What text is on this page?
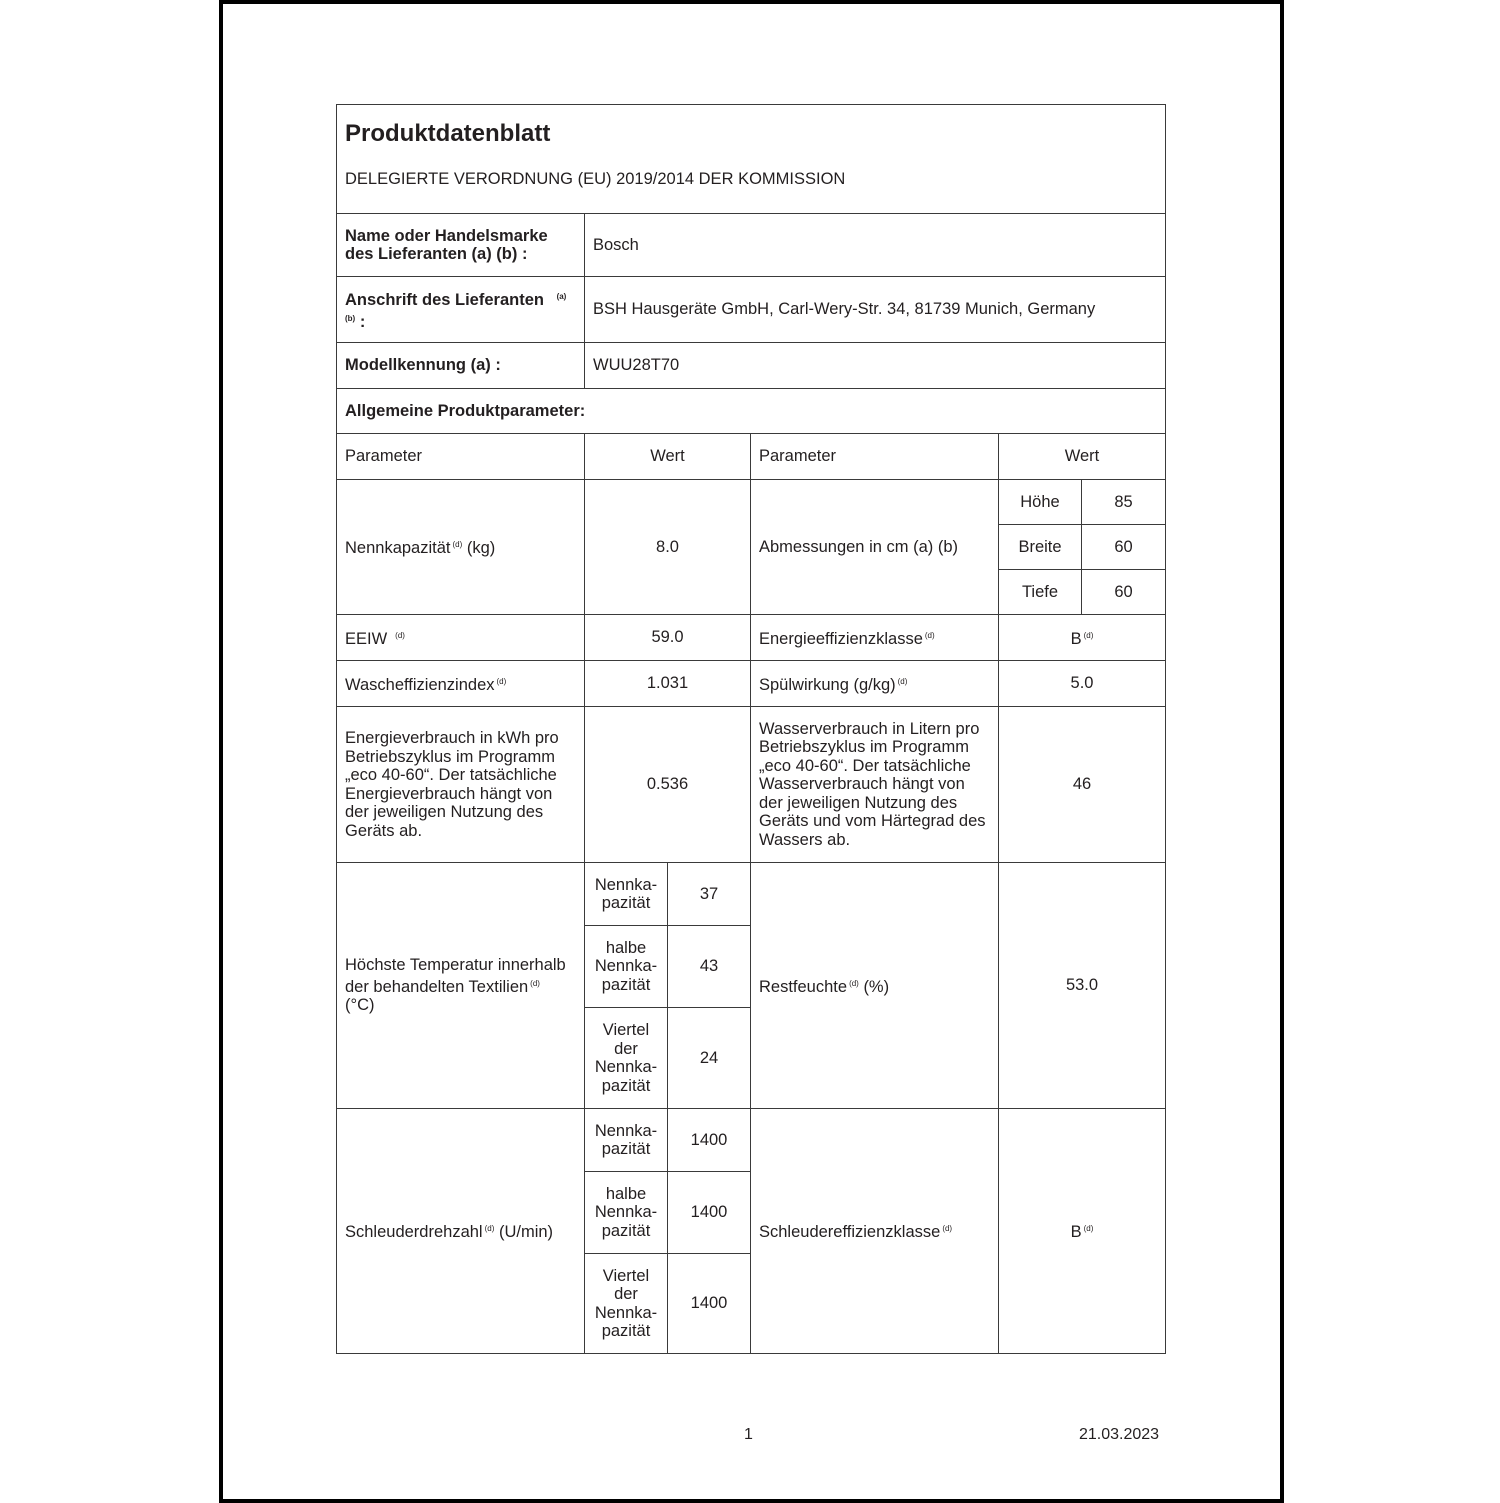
Produktdatenblatt
DELEGIERTE VERORDNUNG (EU) 2019/2014 DER KOMMISSION					

Name oder Handelsmarke des Lieferanten (a) (b) :	Bosch				
Anschrift des Lieferanten $^{(a)}$
$^{(b)}$ :	BSH Hausgeräte GmbH, Carl-Wery-Str. 34, 81739 Munich, Germany				
Modellkennung (a) :	WUU28T70				
Allgemeine Produktparameter:					
Parameter	Wert		Parameter	Wert	
Nennkapazität $^{(d)}$ (kg)	8.0		Abmessungen in cm (a) (b)	Höhe	85
				Breite	60
				Tiefe	60
EEIW $^{(d)}$	59.0		Energieeffizienzklasse $^{(d)}$	B $^{(d)}$
Wascheffizienzindex $^{(d)}$	1.031		Spülwirkung (g/kg) $^{(d)}$	5.0	
Energieverbrauch in kWh pro Betriebszyklus im Programm „eco 40-60“. Der tatsächliche Energieverbrauch hängt von der jeweiligen Nutzung des Geräts ab.	0.536		Wasserverbrauch in Litern pro Betriebszyklus im Programm „eco 40-60“. Der tatsächliche Wasserverbrauch hängt von der jeweiligen Nutzung des Geräts und vom Härtegrad des Wassers ab.	46	
Höchste Temperatur innerhalb der behandelten Textilien $^{(d)}$
(°C)	Nennka-pazität	37	Restfeuchte $^{(d)}$ (%)	53.0	
	halbe Nennka-pazität	43			
	Viertel der Nennka-pazität	24			
Schleuderdrehzahl $^{(d)}$ (U/min)	Nennka-pazität	1400	Schleudereffizienzklasse $^{(d)}$	B $^{(d)}$
	halbe Nennka-pazität	1400			
	Viertel der Nennka-pazität	1400			
1	21.03.2023
